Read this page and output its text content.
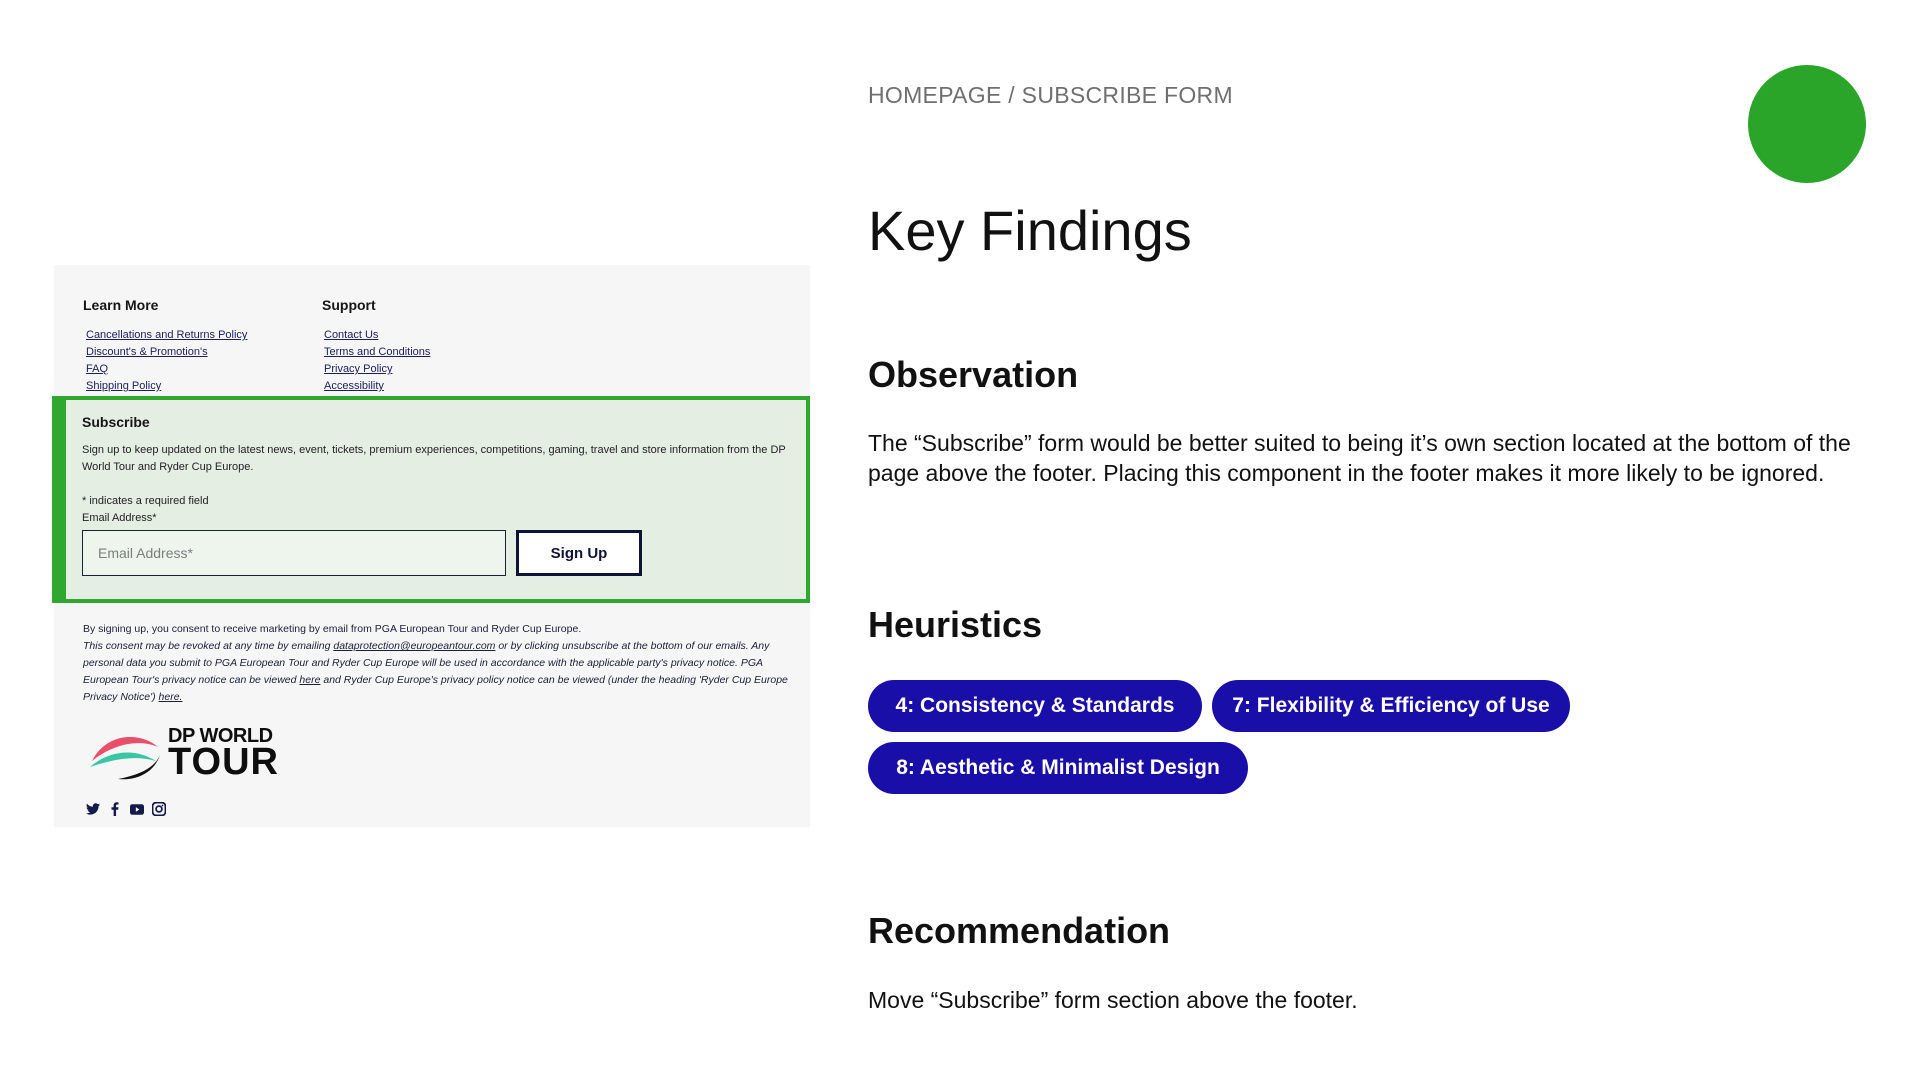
Learn More
Cancellations and Returns Policy
Discount's & Promotion's
FAQ
Shipping Policy
Support
Contact Us
Terms and Conditions
Privacy Policy
Accessibility
Subscribe
Sign up to keep updated on the latest news, event, tickets, premium experiences, competitions, gaming, travel and store information from the DP World Tour and Ryder Cup Europe.
* indicates a required field
Email Address*
Email Address*
Sign Up
By signing up, you consent to receive marketing by email from PGA European Tour and Ryder Cup Europe.
This consent may be revoked at any time by emailing dataprotection@europeantour.com or by clicking unsubscribe at the bottom of our emails. Any personal data you submit to PGA European Tour and Ryder Cup Europe will be used in accordance with the applicable party's privacy notice. PGA European Tour's privacy notice can be viewed here and Ryder Cup Europe's privacy policy notice can be viewed (under the heading 'Ryder Cup Europe Privacy Notice') here.
DP WORLD
TOUR
HOMEPAGE / SUBSCRIBE FORM
Key Findings
Observation
The “Subscribe” form would be better suited to being it’s own section located at the bottom of the page above the footer. Placing this component in the footer makes it more likely to be ignored.
Heuristics
4: Consistency & Standards	7: Flexibility & Efficiency of Use
8: Aesthetic & Minimalist Design
Recommendation
Move “Subscribe” form section above the footer.
